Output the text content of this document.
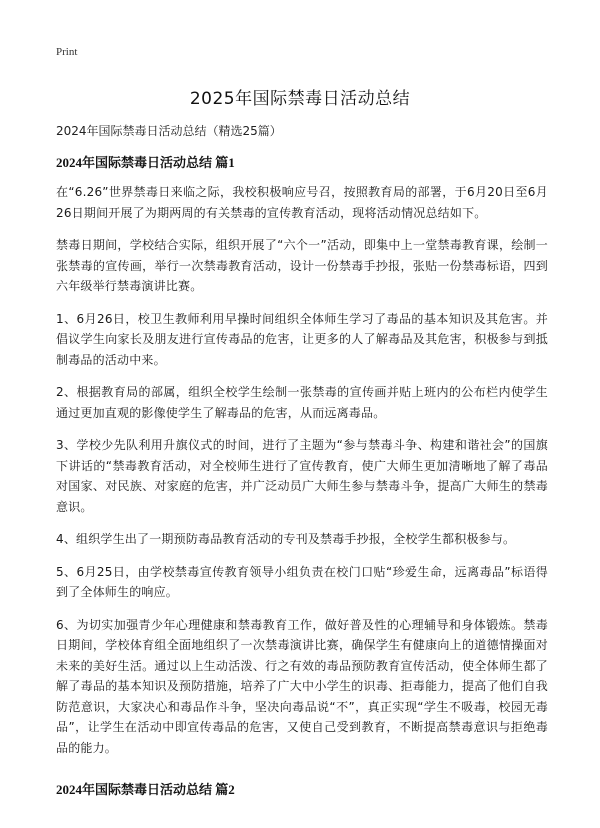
Print
2025年国际禁毒日活动总结
2024年国际禁毒日活动总结（精选25篇）
2024年国际禁毒日活动总结 篇1

在“6.26”世界禁毒日来临之际，我校积极响应号召，按照教育局的部署，于6月20日至6月26日期间开展了为期两周的有关禁毒的宣传教育活动，现将活动情况总结如下。

禁毒日期间，学校结合实际，组织开展了“六个一”活动，即集中上一堂禁毒教育课，绘制一张禁毒的宣传画，举行一次禁毒教育活动，设计一份禁毒手抄报，张贴一份禁毒标语，四到六年级举行禁毒演讲比赛。

1、6月26日，校卫生教师利用早操时间组织全体师生学习了毒品的基本知识及其危害。并倡议学生向家长及朋友进行宣传毒品的危害，让更多的人了解毒品及其危害，积极参与到抵制毒品的活动中来。

2、根据教育局的部属，组织全校学生绘制一张禁毒的宣传画并贴上班内的公布栏内使学生通过更加直观的影像使学生了解毒品的危害，从而远离毒品。

3、学校少先队利用升旗仪式的时间，进行了主题为“参与禁毒斗争、构建和谐社会”的国旗下讲话的“禁毒教育活动，对全校师生进行了宣传教育，使广大师生更加清晰地了解了毒品对国家、对民族、对家庭的危害，并广泛动员广大师生参与禁毒斗争，提高广大师生的禁毒意识。

4、组织学生出了一期预防毒品教育活动的专刊及禁毒手抄报，全校学生都积极参与。

5、6月25日，由学校禁毒宣传教育领导小组负责在校门口贴“珍爱生命，远离毒品”标语得到了全体师生的响应。

6、为切实加强青少年心理健康和禁毒教育工作，做好普及性的心理辅导和身体锻炼。禁毒日期间，学校体育组全面地组织了一次禁毒演讲比赛，确保学生有健康向上的道德情操面对未来的美好生活。通过以上生动活泼、行之有效的毒品预防教育宣传活动，使全体师生都了解了毒品的基本知识及预防措施，培养了广大中小学生的识毒、拒毒能力，提高了他们自我防范意识，大家决心和毒品作斗争，坚决向毒品说“不”，真正实现“学生不吸毒，校园无毒品”，让学生在活动中即宣传毒品的危害，又使自己受到教育，不断提高禁毒意识与拒绝毒品的能力。

2024年国际禁毒日活动总结 篇2
